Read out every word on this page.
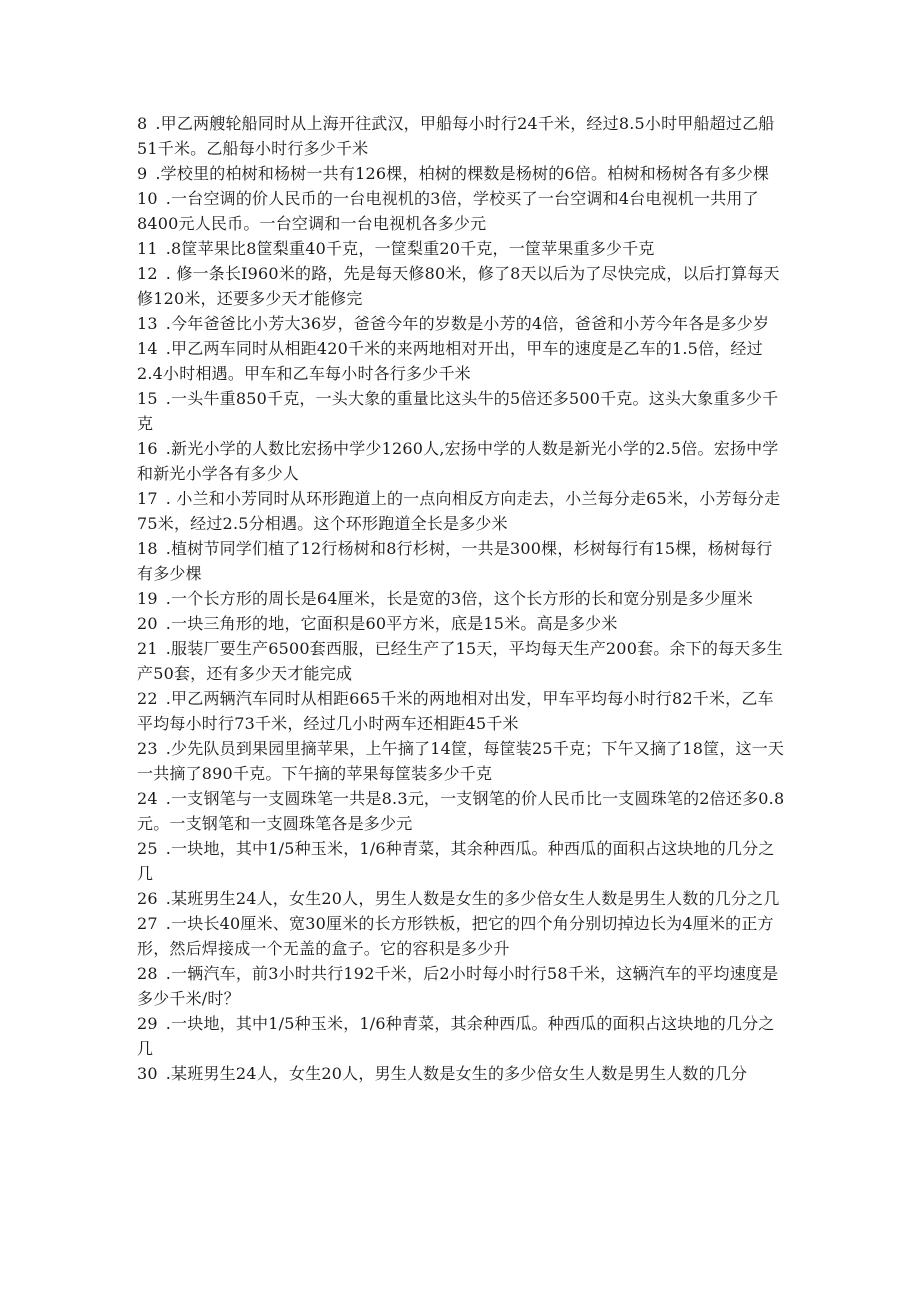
8 .甲乙两艘轮船同时从上海开往武汉，甲船每小时行24千米，经过8.5小时甲船超过乙船51千米。乙船每小时行多少千米

9 .学校里的柏树和杨树一共有126棵，柏树的棵数是杨树的6倍。柏树和杨树各有多少棵

10 .一台空调的价人民币的一台电视机的3倍，学校买了一台空调和4台电视机一共用了8400元人民币。一台空调和一台电视机各多少元

11 .8筐苹果比8筐梨重40千克，一筐梨重20千克，一筐苹果重多少千克

12 . 修一条长I960米的路，先是每天修80米，修了8天以后为了尽快完成，以后打算每天修120米，还要多少天才能修完

13 .今年爸爸比小芳大36岁，爸爸今年的岁数是小芳的4倍，爸爸和小芳今年各是多少岁

14 .甲乙两车同时从相距420千米的来两地相对开出，甲车的速度是乙车的1.5倍，经过2.4小时相遇。甲车和乙车每小时各行多少千米

15 .一头牛重850千克，一头大象的重量比这头牛的5倍还多500千克。这头大象重多少千克

16 .新光小学的人数比宏扬中学少1260人,宏扬中学的人数是新光小学的2.5倍。宏扬中学和新光小学各有多少人

17 . 小兰和小芳同时从环形跑道上的一点向相反方向走去，小兰每分走65米，小芳每分走75米，经过2.5分相遇。这个环形跑道全长是多少米

18 .植树节同学们植了12行杨树和8行杉树，一共是300棵，杉树每行有15棵，杨树每行有多少棵

19 .一个长方形的周长是64厘米，长是宽的3倍，这个长方形的长和宽分别是多少厘米

20 .一块三角形的地，它面积是60平方米，底是15米。高是多少米

21 .服装厂要生产6500套西服，已经生产了15天，平均每天生产200套。余下的每天多生产50套，还有多少天才能完成

22 .甲乙两辆汽车同时从相距665千米的两地相对出发，甲车平均每小时行82千米，乙车平均每小时行73千米，经过几小时两车还相距45千米

23 .少先队员到果园里摘苹果，上午摘了14筐，每筐装25千克；下午又摘了18筐，这一天一共摘了890千克。下午摘的苹果每筐装多少千克

24 .一支钢笔与一支圆珠笔一共是8.3元，一支钢笔的价人民币比一支圆珠笔的2倍还多0.8元。一支钢笔和一支圆珠笔各是多少元

25 .一块地，其中1/5种玉米，1/6种青菜，其余种西瓜。种西瓜的面积占这块地的几分之几

26 .某班男生24人，女生20人，男生人数是女生的多少倍女生人数是男生人数的几分之几

27 .一块长40厘米、宽30厘米的长方形铁板，把它的四个角分别切掉边长为4厘米的正方形，然后焊接成一个无盖的盒子。它的容积是多少升

28 .一辆汽车，前3小时共行192千米，后2小时每小时行58千米，这辆汽车的平均速度是多少千米/时？

29 .一块地，其中1/5种玉米，1/6种青菜，其余种西瓜。种西瓜的面积占这块地的几分之几

30 .某班男生24人，女生20人，男生人数是女生的多少倍女生人数是男生人数的几分
